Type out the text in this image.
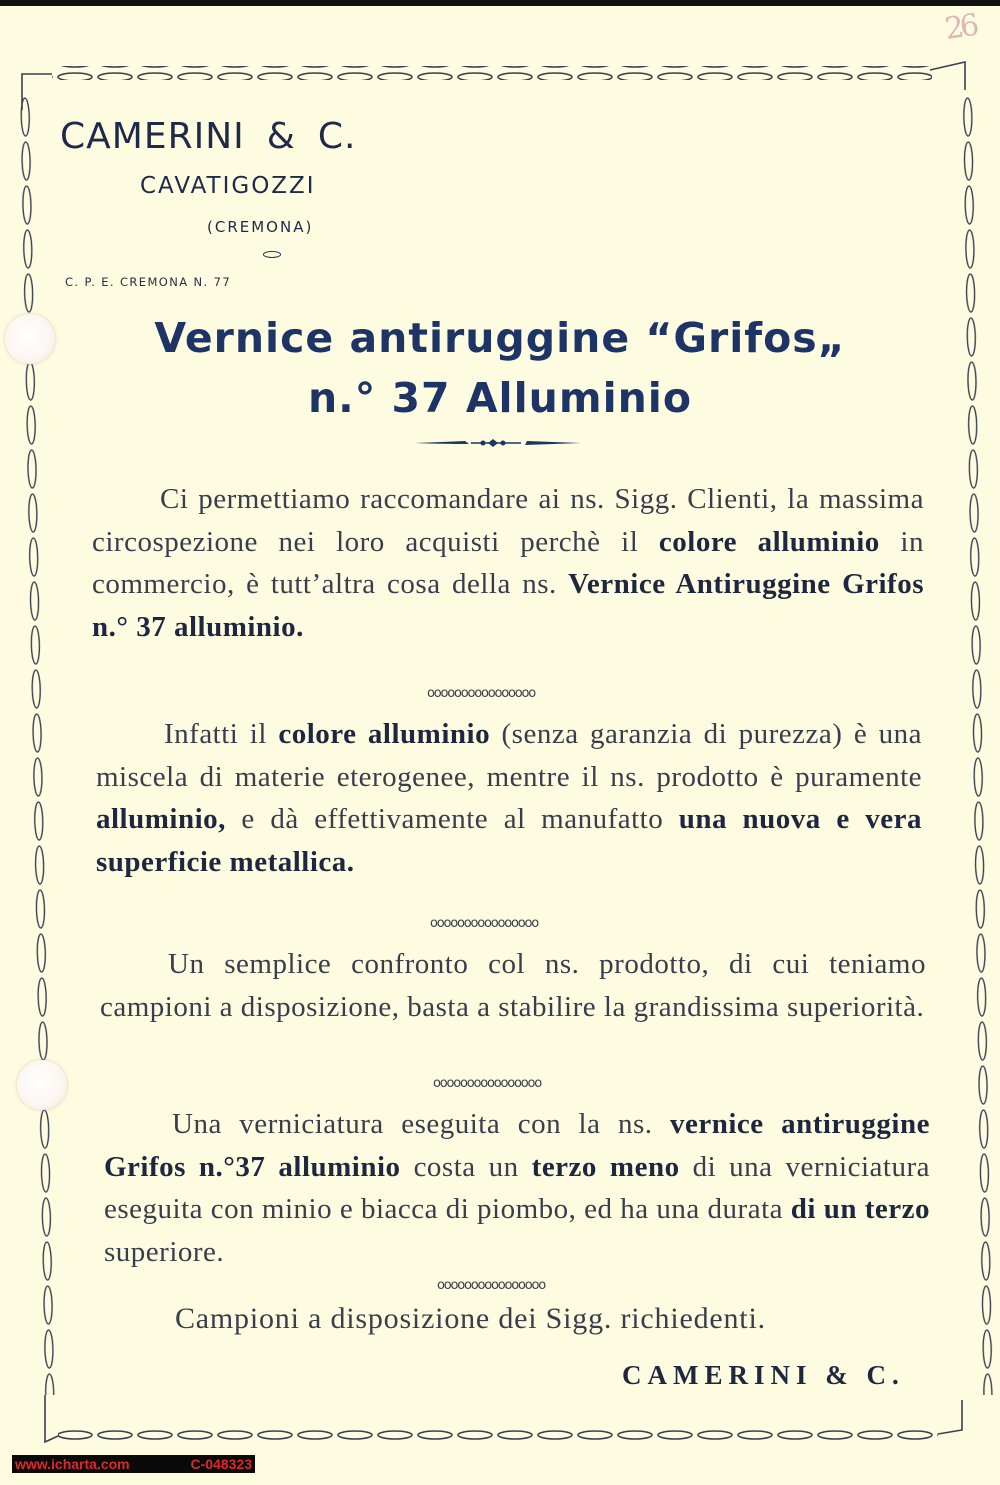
26
CAMERINI & C.
CAVATIGOZZI
(CREMONA)
C. P. E. CREMONA N. 77
Vernice antiruggine “Grifos„
n.° 37 Alluminio
Ci permettiamo raccomandare ai ns. Sigg. Clienti, la massima circospezione nei loro acquisti perchè il colore alluminio in commercio, è tutt’altra cosa della ns. Vernice Antiruggine Grifos n.° 37 alluminio.
oooooooooooooooo
Infatti il colore alluminio (senza garanzia di purezza) è una miscela di materie eterogenee, mentre il ns. prodotto è puramente alluminio, e dà effettivamente al manufatto una nuova e vera superficie metallica.
oooooooooooooooo
Un semplice confronto col ns. prodotto, di cui teniamo campioni a disposizione, basta a stabilire la grandissima superiorità.
oooooooooooooooo
Una verniciatura eseguita con la ns. vernice antiruggine Grifos n.°37 alluminio costa un terzo meno di una verniciatura eseguita con minio e biacca di piombo, ed ha una durata di un terzo superiore.
oooooooooooooooo
Campioni a disposizione dei Sigg. richiedenti.
CAMERINI & C.
www.icharta.com	C-048323
